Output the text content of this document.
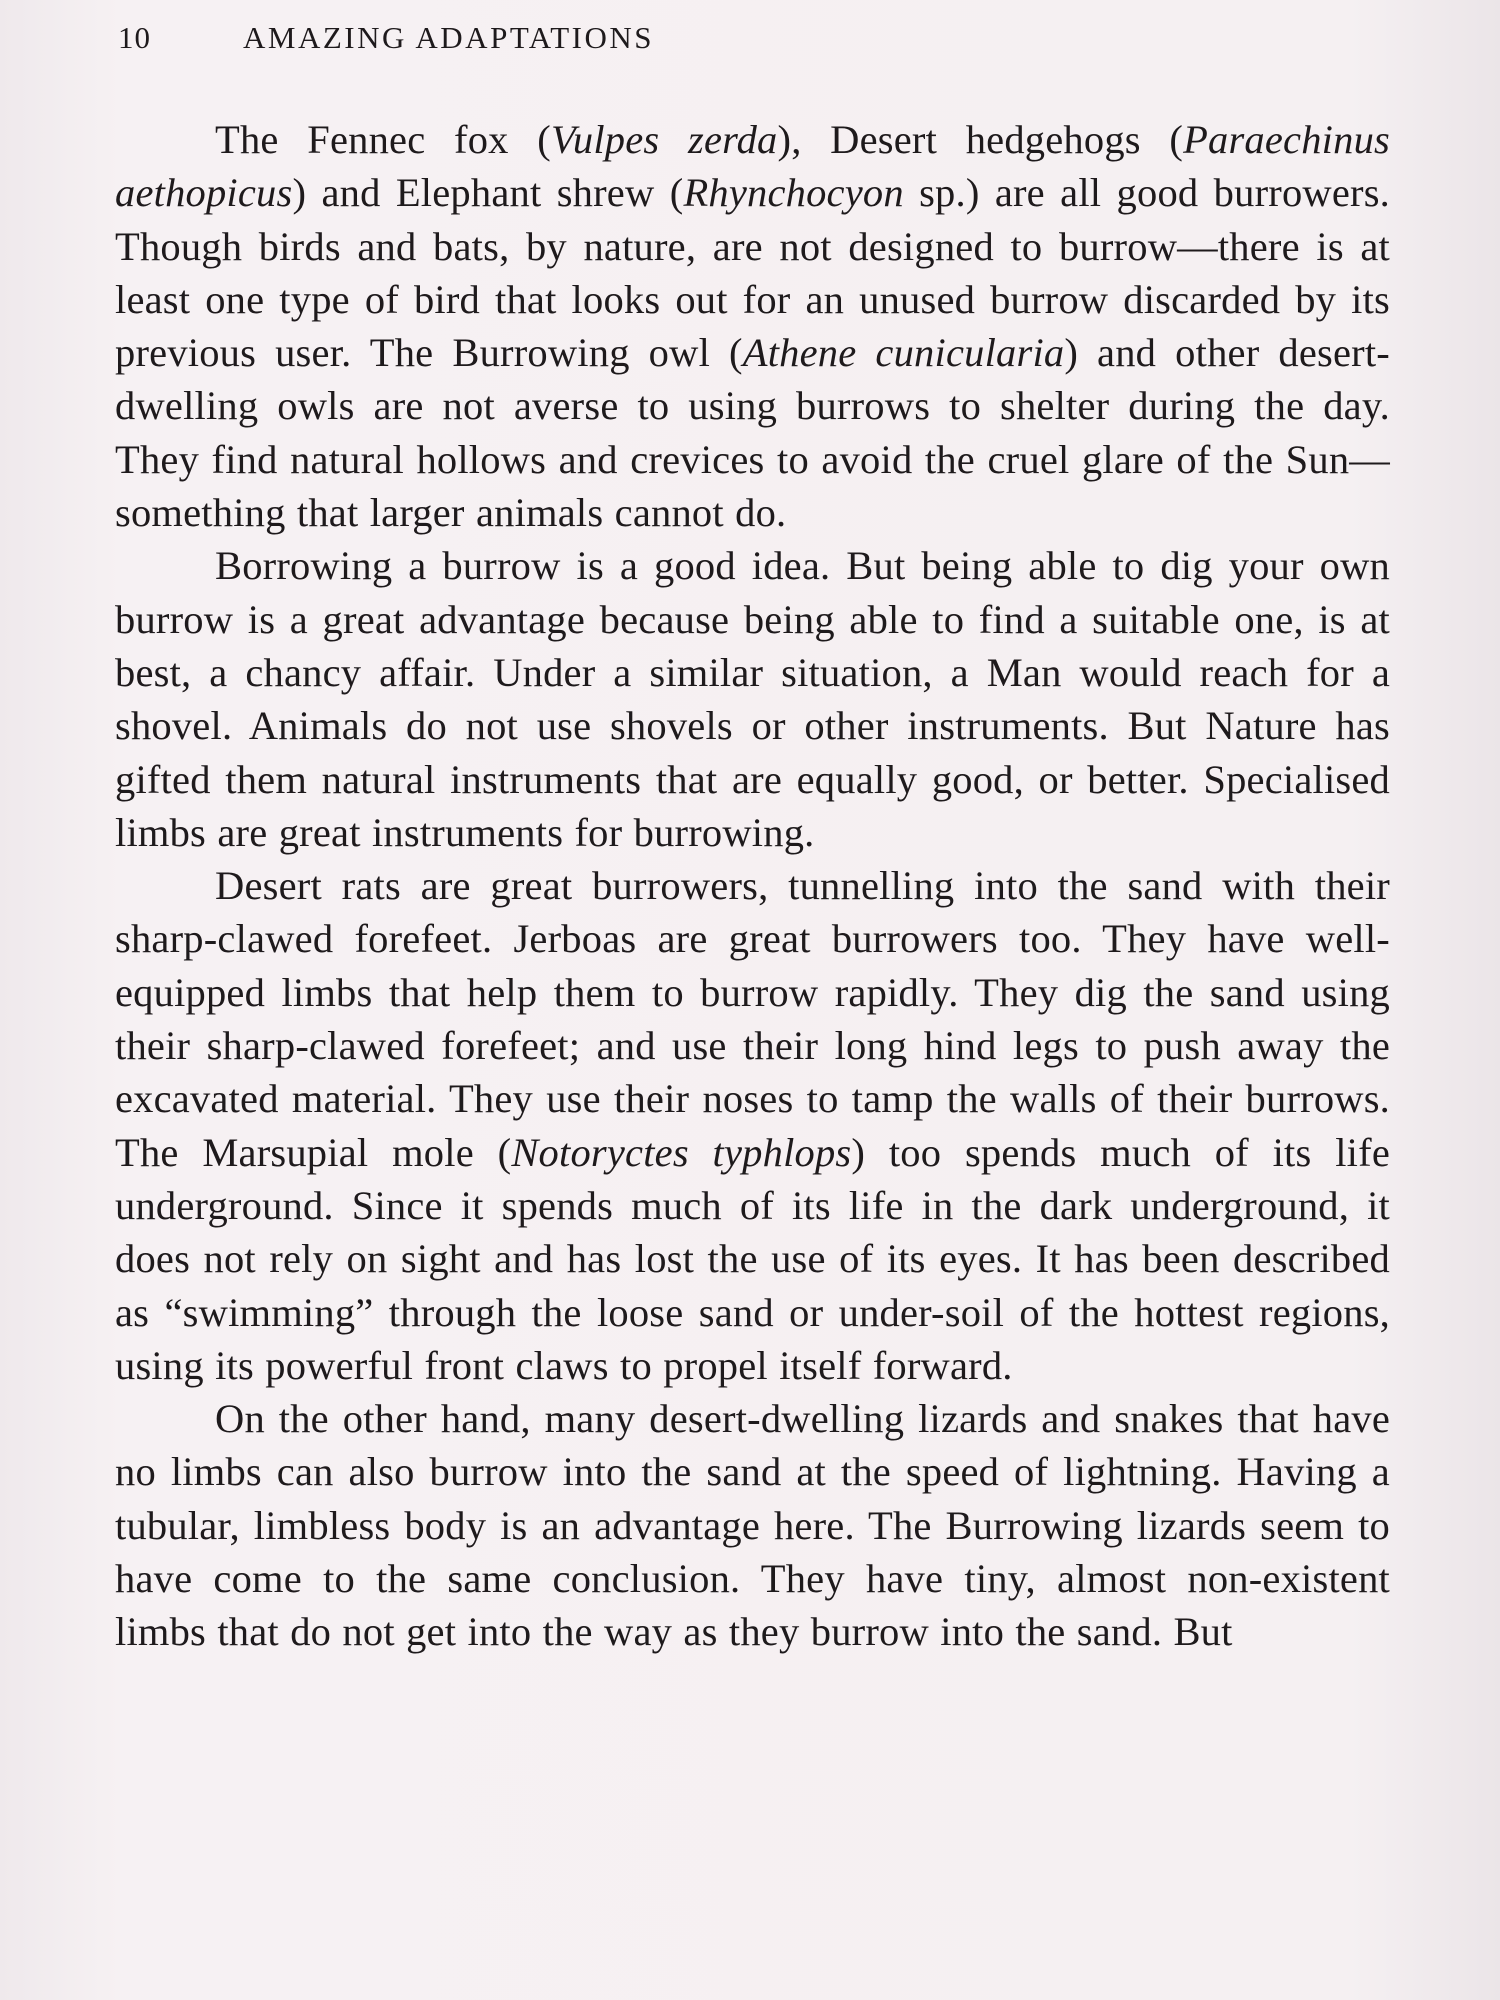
10	AMAZING ADAPTATIONS

The Fennec fox (Vulpes zerda), Desert hedgehogs (Paraechinus aethopicus) and Elephant shrew (Rhynchocyon sp.) are all good burrowers. Though birds and bats, by nature, are not designed to burrow—there is at least one type of bird that looks out for an unused burrow discarded by its previous user. The Burrowing owl (Athene cunicularia) and other desert-dwelling owls are not averse to using burrows to shelter during the day. They find natural hollows and crevices to avoid the cruel glare of the Sun—something that larger animals cannot do.

Borrowing a burrow is a good idea. But being able to dig your own burrow is a great advantage because being able to find a suitable one, is at best, a chancy affair. Under a similar situation, a Man would reach for a shovel. Animals do not use shovels or other instruments. But Nature has gifted them natural instruments that are equally good, or better. Specialised limbs are great instruments for burrowing.

Desert rats are great burrowers, tunnelling into the sand with their sharp-clawed forefeet. Jerboas are great burrowers too. They have well-equipped limbs that help them to burrow rapidly. They dig the sand using their sharp-clawed forefeet; and use their long hind legs to push away the excavated material. They use their noses to tamp the walls of their burrows. The Marsupial mole (Notoryctes typhlops) too spends much of its life underground. Since it spends much of its life in the dark underground, it does not rely on sight and has lost the use of its eyes. It has been described as “swimming” through the loose sand or under-soil of the hottest regions, using its powerful front claws to propel itself forward.

On the other hand, many desert-dwelling lizards and snakes that have no limbs can also burrow into the sand at the speed of lightning. Having a tubular, limbless body is an advantage here. The Burrowing lizards seem to have come to the same conclusion. They have tiny, almost non-existent limbs that do not get into the way as they burrow into the sand. But
